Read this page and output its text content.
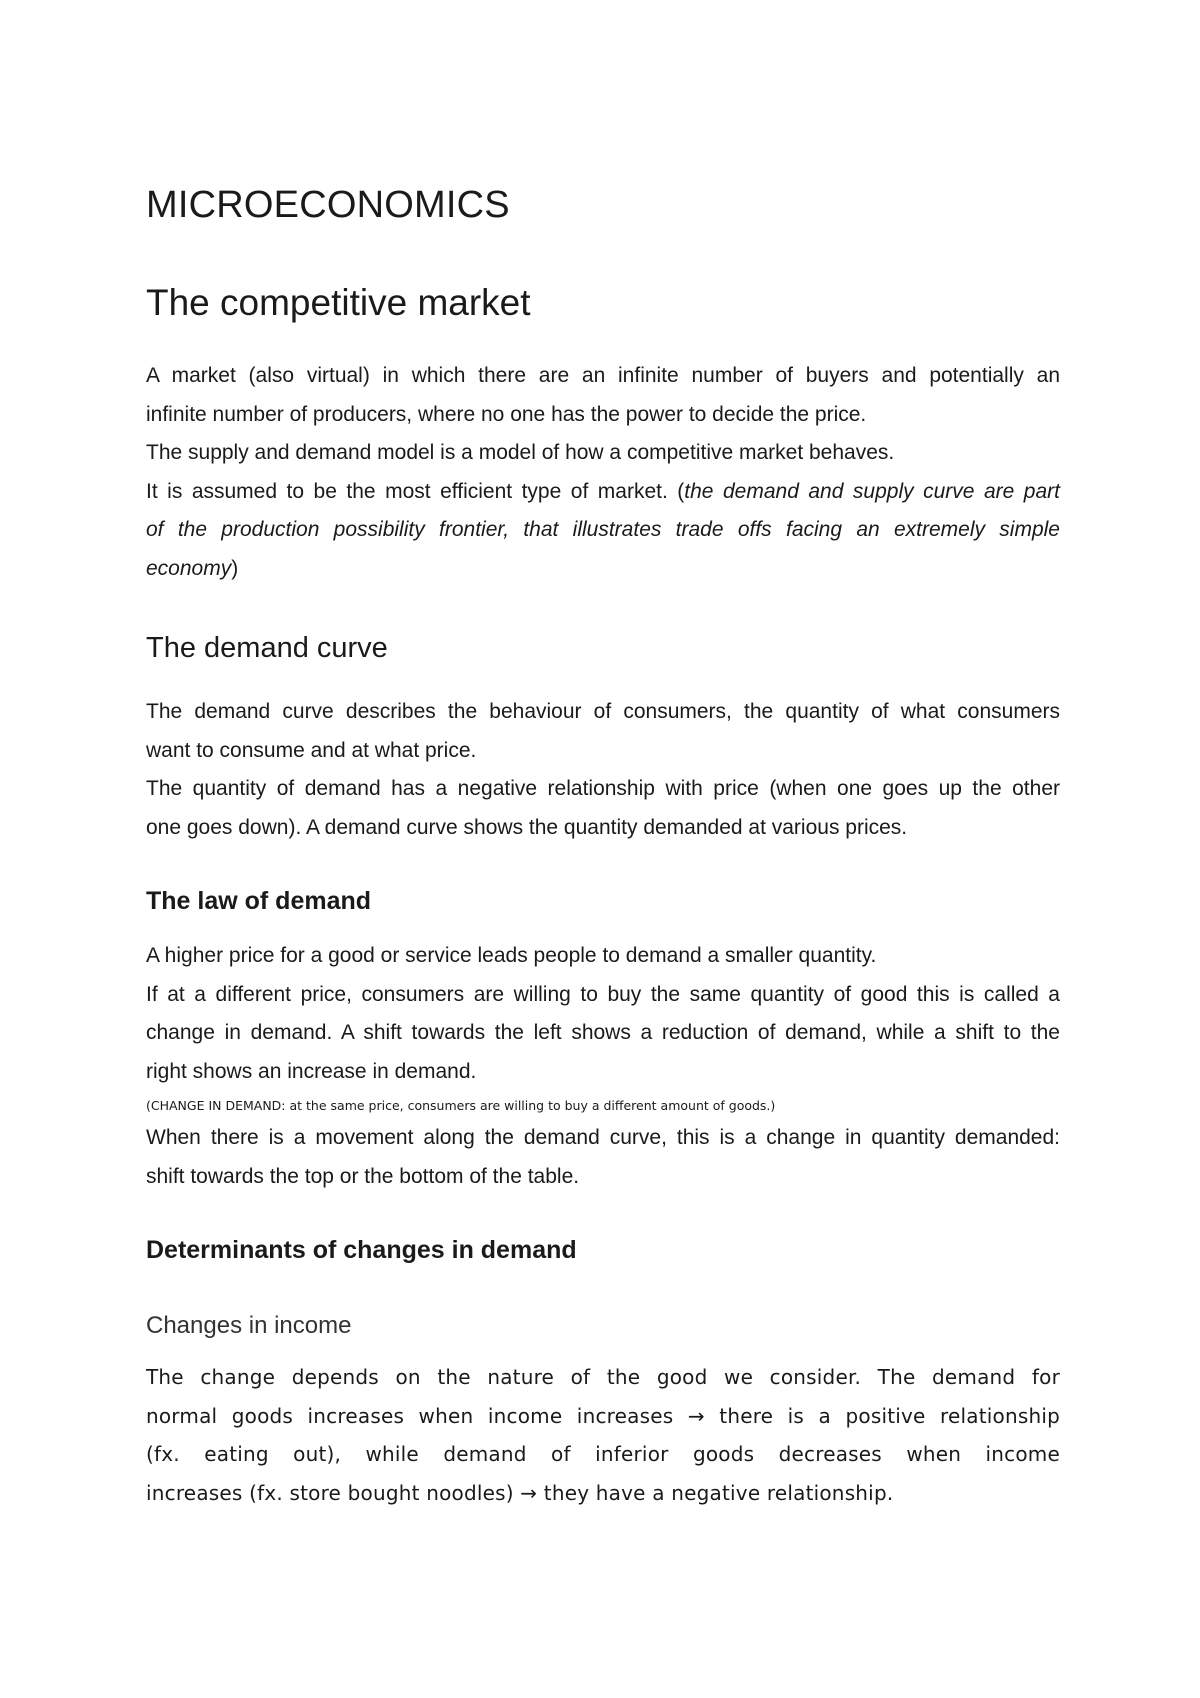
MICROECONOMICS
The competitive market
A market (also virtual) in which there are an infinite number of buyers and potentially an
infinite number of producers, where no one has the power to decide the price.
The supply and demand model is a model of how a competitive market behaves.
It is assumed to be the most efficient type of market. (the demand and supply curve are part
of the production possibility frontier, that illustrates trade offs facing an extremely simple
economy)
The demand curve
The demand curve describes the behaviour of consumers, the quantity of what consumers
want to consume and at what price.
The quantity of demand has a negative relationship with price (when one goes up the other
one goes down). A demand curve shows the quantity demanded at various prices.
The law of demand
A higher price for a good or service leads people to demand a smaller quantity.
If at a different price, consumers are willing to buy the same quantity of good this is called a
change in demand. A shift towards the left shows a reduction of demand, while a shift to the
right shows an increase in demand.
(CHANGE IN DEMAND: at the same price, consumers are willing to buy a different amount of goods.)
When there is a movement along the demand curve, this is a change in quantity demanded:
shift towards the top or the bottom of the table.
Determinants of changes in demand
Changes in income
The change depends on the nature of the good we consider. The demand for
normal goods increases when income increases → there is a positive relationship
(fx. eating out), while demand of inferior goods decreases when income
increases (fx. store bought noodles) → they have a negative relationship.
